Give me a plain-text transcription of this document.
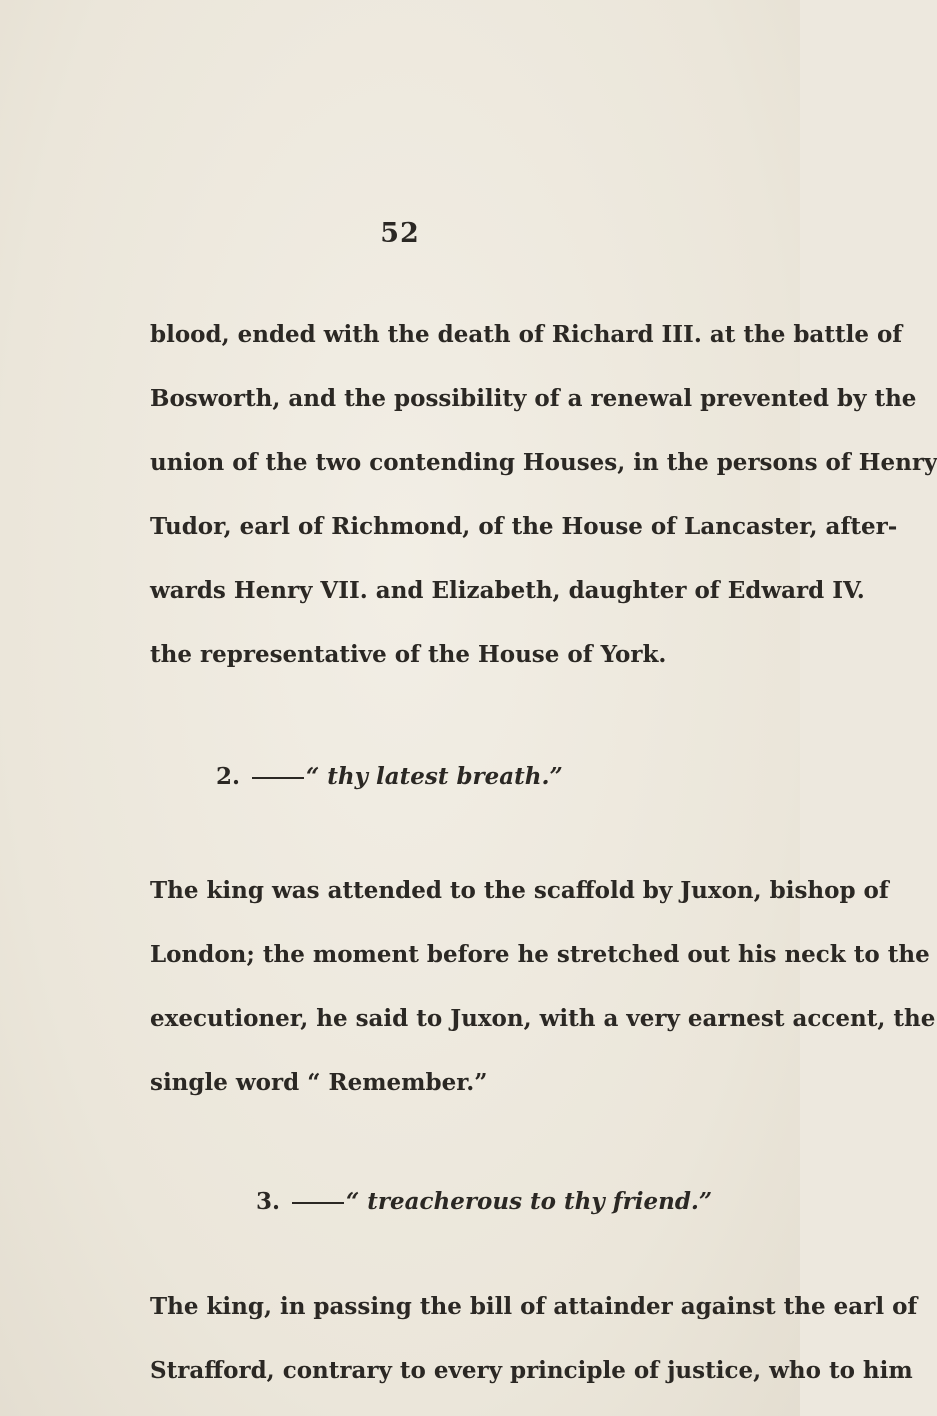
52
blood, ended with the death of Richard III. at the battle of
Bosworth, and the possibility of a renewal prevented by the
union of the two contending Houses, in the persons of Henry
Tudor, earl of Richmond, of the House of Lancaster, after-
wards Henry VII. and Elizabeth, daughter of Edward IV.
the representative of the House of York.
2.	“ thy latest breath.”
The king was attended to the scaffold by Juxon, bishop of
London; the moment before he stretched out his neck to the
executioner, he said to Juxon, with a very earnest accent, the
single word “ Remember.”
3.	“ treacherous to thy friend.”
The king, in passing the bill of attainder against the earl of
Strafford, contrary to every principle of justice, who to him
